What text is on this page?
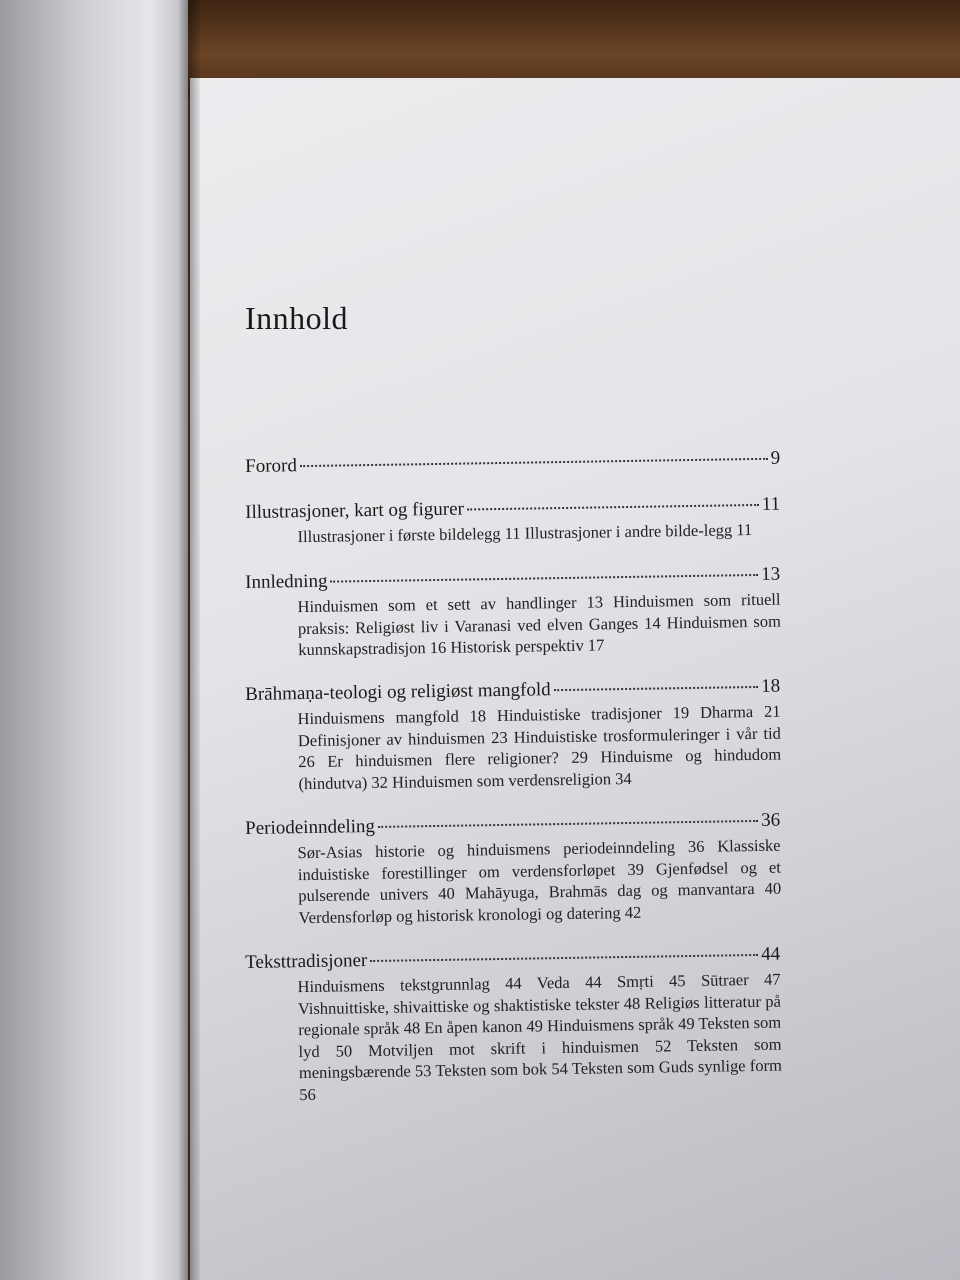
Innhold
Forord	9
Illustrasjoner, kart og figurer	11
Illustrasjoner i første bildelegg 11 Illustrasjoner i andre bilde-legg 11
Innledning	13
Hinduismen som et sett av handlinger 13 Hinduismen som rituell praksis: Religiøst liv i Varanasi ved elven Ganges 14 Hinduismen som kunnskapstradisjon 16 Historisk perspektiv 17
Brāhmaṇa-teologi og religiøst mangfold	18
Hinduismens mangfold 18 Hinduistiske tradisjoner 19 Dharma 21 Definisjoner av hinduismen 23 Hinduistiske trosformuleringer i vår tid 26 Er hinduismen flere religioner? 29 Hinduisme og hindudom (hindutva) 32 Hinduismen som verdensreligion 34
Periodeinndeling	36
Sør-Asias historie og hinduismens periodeinndeling 36 Klassiske induistiske forestillinger om verdensforløpet 39 Gjenfødsel og et pulserende univers 40 Mahāyuga, Brahmās dag og manvantara 40 Verdensforløp og historisk kronologi og datering 42
Teksttradisjoner	44
Hinduismens tekstgrunnlag 44 Veda 44 Smṛti 45 Sūtraer 47 Vishnuittiske, shivaittiske og shaktistiske tekster 48 Religiøs litteratur på regionale språk 48 En åpen kanon 49 Hinduismens språk 49 Teksten som lyd 50 Motviljen mot skrift i hinduismen 52 Teksten som meningsbærende 53 Teksten som bok 54 Teksten som Guds synlige form 56
